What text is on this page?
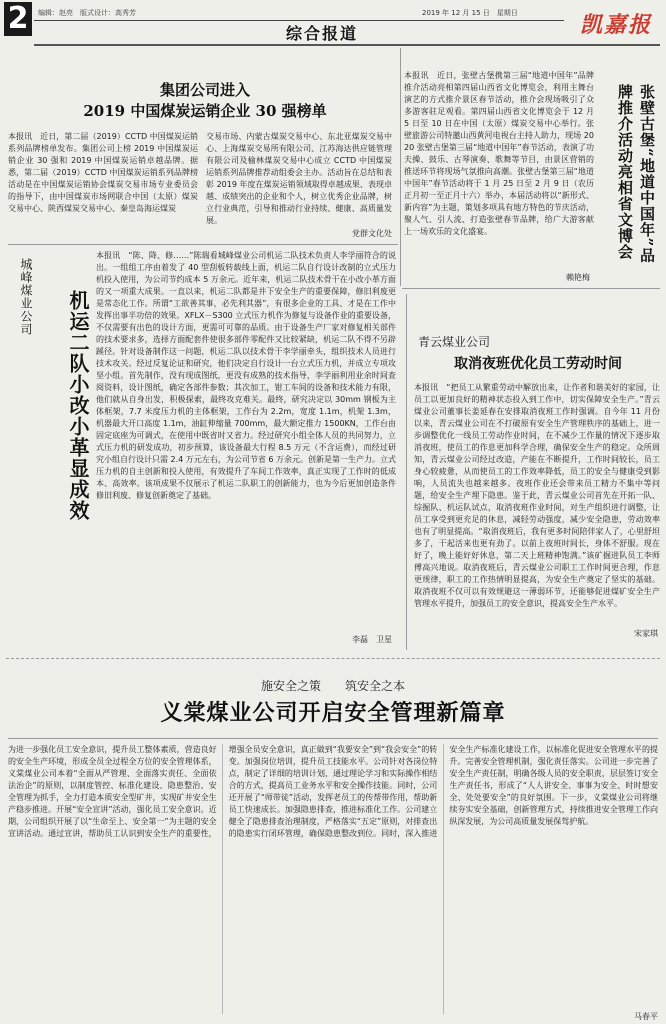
2	编辑：赵亮　版式设计：高秀芳	2019 年 12 月 15 日　星期日
综合报道	凯嘉报
集团公司进入
2019 中国煤炭运销企业 30 强榜单
本报讯　近日，第二届（2019）CCTD 中国煤炭运销系列品牌榜单发布。集团公司上榜 2019 中国煤炭运销企业 30 强和 2019 中国煤炭运销卓越品牌。据悉，第二届（2019）CCTD 中国煤炭运销系列品牌榜活动是在中国煤炭运销协会煤炭交易市场专业委员会的指导下，由中国煤炭市场网联合中国（太原）煤炭交易中心、陕西煤炭交易中心、秦皇岛海运煤炭
交易市场、内蒙古煤炭交易中心、东北亚煤炭交易中心、上海煤炭交易所有限公司、江苏海达供应链管理有限公司及榆林煤炭交易中心成立 CCTD 中国煤炭运销系列品牌推荐动组委会主办。活动旨在总结和表彰 2019 年度在煤炭运销领域取得卓越成果、表现卓越、成绩突出的企业和个人，树立优秀企业品牌，树立行业典范，引导和推动行业持续、健康、高质量发展。
党群文化处
本报讯　近日，张壁古堡携第三届“地道中国年”品牌推介活动亮相第四届山西省文化博览会，利用主舞台演艺的方式推介景区春节活动，推介会现场吸引了众多游客驻足观看。第四届山西省文化博览会于 12 月 5 日至 10 日在中国（太原）煤炭交易中心举行。张壁旅游公司特邀山西黄河电视台主持人助力，现场 2020 张壁古堡第三届“地道中国年”春节活动，表演了功夫操、鼓乐、古琴演奏、歌舞等节目，由景区营销的推送环节将现场气氛推向高潮。张壁古堡第三届“地道中国年”春节活动将于 1 月 25 日至 2 月 9 日（农历正月初一至正月十六）举办，本届活动将以“新形式、新内容”为主题，策划多项具有地方特色的节庆活动，聚人气、引人流、打造张壁春节品牌，给广大游客献上一场欢乐的文化盛宴。	张壁古堡“地道中国年”品牌推介活动亮相省文博会
赖艳梅
城峰煤业公司	机运二队小改小革显成效
本报讯　“陈、降、修……”陈瑞看城峰煤业公司机运二队技术负责人李学丽符合的说出。一组组工序由着发了 40 型刮板转载线上面，机运二队自行设计改制的立式压力机投入使用，为公司节约成本 5 万余元。近年来，机运二队技术骨干在小改小革方面的又一项重大成果。一直以来，机运二队都是井下安全生产的重要保障，修旧利废更是常态化工作。所谓“工欲善其事，必先利其器”，有很多企业的工具、才是在工作中发挥出事半功倍的效果。XFLX－S300 立式压力机作为修复与设备作业的重要设备，不仅需要有出色的设计方面，更需可可靠的品质。由于设备生产厂家对修复相关部件的技术要求多，选择方面配套件使很多部件零配件又比较紧缺，机运二队不得不另辟蹊径。针对设备制作这一问题，机运二队以技术骨干李学丽牵头，组织技术人员进行技术攻关。经过反复论证和研究，他们决定自行设计一台立式压力机，并成立专项攻坚小组。首先制作，没有现成图纸，更没有成熟的技术指导，李学丽利用业余时间查阅资料，设计图纸，确定各部件参数；其次加工，钳工车间的设备和技术能力有限，他们就从自身出发，积极探索，最终攻克难关。最终，研究决定以 30mm 钢板为主体框架，7.7 米度压力机的主体框架，工作台为 2.2m，宽度 1.1m，机架 1.3m，机器最大开口高度 1.1m，油缸伸缩量 700mm，最大额定推力 1500KN，工作台由固定底座为可调式，在使用中既省时又省力。经过研究小组全体人员的共同努力，立式压力机的研发成功，初步预算，该设备最大行程 8.5 万元（不含运费），而经过研究小组自行设计只需 2.4 万元左右，为公司节省 6 万余元。创新是第一生产力。立式压力机的自主创新和投入使用，有效提升了车间工作效率，真正实现了工作时的低成本、高效率。该项成果不仅展示了机运二队职工的创新能力，也为今后更加创造条件修旧利废、修复创新奠定了基础。
李磊　卫星
青云煤业公司
取消夜班优化员工劳动时间
本报讯　“把员工从繁重劳动中解放出来，让作者和谐美好的家园，让员工以更加良好的精神状态投入到工作中，切实保障安全生产。”青云煤业公司董事长姜延春在安排取消夜班工作时强调。自今年 11 月份以来，青云煤业公司在不打破原有安全生产管理秩序的基础上，进一步调整优化一线员工劳动作业时间，在不减少工作量的情况下逐步取消夜班，使员工的作息更加科学合理，确保安全生产的稳定。众所周知，青云煤业公司经过改造，产能在不断提升，工作时间较长，员工身心较疲惫，从而使员工的工作效率降低，员工的安全与健康受到影响，人员流失也越来越多。夜班作业还会带来员工精力不集中等问题，给安全生产埋下隐患。鉴于此，青云煤业公司首先在开拓一队、综掘队、机运队试点，取消夜班作业时间，对生产组织进行调整，让员工享受到更充足的休息，减轻劳动强度，减少安全隐患，劳动效率也有了明显提高。“取消夜班后，我有更多时间陪伴家人了，心里舒坦多了，干起活来也更有劲了。以前上夜班时间长，身体不舒服。现在好了，晚上能好好休息，第二天上班精神饱满。”该矿掘进队员工李师傅高兴地说。取消夜班后，青云煤业公司职工工作时间更合理，作息更规律，职工的工作热情明显提高，为安全生产奠定了坚实的基础。取消夜班不仅可以有效规避这一薄弱环节，还能够促进煤矿安全生产管理水平提升，加强员工的安全意识，提高安全生产水平。
宋家琪
施安全之策　　筑安全之本
义棠煤业公司开启安全管理新篇章
为进一步强化员工安全意识，提升员工整体素质，营造良好的安全生产环境，形成全员全过程全方位的安全管理体系，义棠煤业公司本着“全面从严管理、全面落实责任、全面依法治企”的原则，以制度管控、标准化建设、隐患整治、安全管理为抓手，全力打造本质安全型矿井，实现矿井安全生产稳步推进。开展“安全宣讲”活动，强化员工安全意识。近期，公司组织开展了以“生命至上、安全第一”为主题的安全宣讲活动。通过宣讲，帮助员工认识到安全生产的重要性，增强全员安全意识，真正做到“我要安全”到“我会安全”的转变。加强岗位培训，提升员工技能水平。公司针对各岗位特点，制定了详细的培训计划，通过理论学习和实际操作相结合的方式，提高员工业务水平和安全操作技能。同时，公司还开展了“师带徒”活动，发挥老员工的传帮带作用，帮助新员工快速成长。加强隐患排查，推进标准化工作。公司建立健全了隐患排查治理制度，严格落实“五定”原则，对排查出的隐患实行闭环管理，确保隐患整改到位。同时，深入推进安全生产标准化建设工作，以标准化促进安全管理水平的提升。完善安全管理机制，强化责任落实。公司进一步完善了安全生产责任制，明确各级人员的安全职责，层层签订安全生产责任书，形成了“人人讲安全、事事为安全、时时想安全、处处要安全”的良好氛围。下一步，义棠煤业公司将继续夯实安全基础，创新管理方式，持续推进安全管理工作向纵深发展，为公司高质量发展保驾护航。
马春平
